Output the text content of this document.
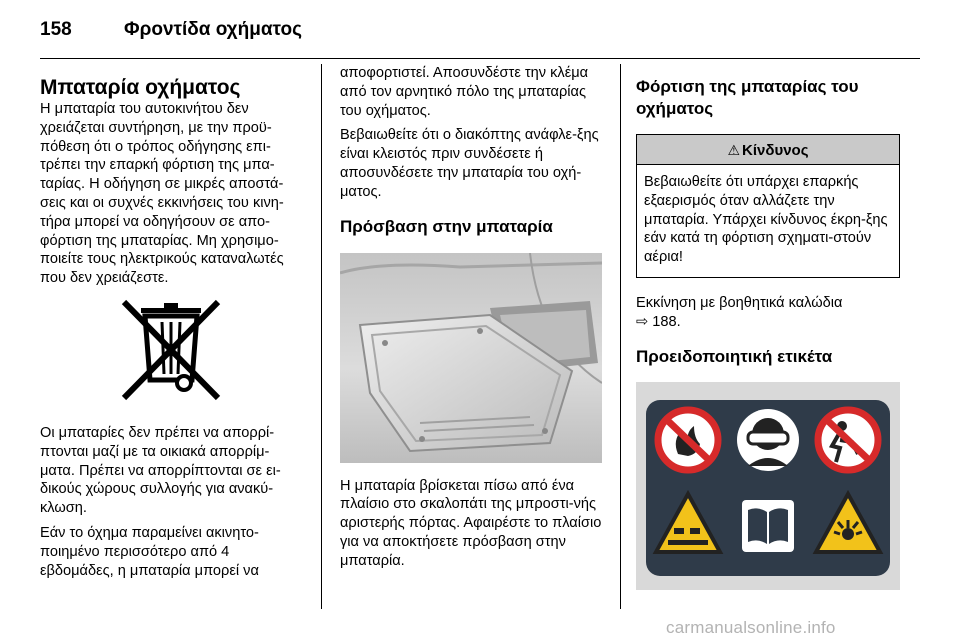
158	Φροντίδα οχήματος
Μπαταρία οχήματος

Η μπαταρία του αυτοκινήτου δεν χρειάζεται συντήρηση, με την προϋ-πόθεση ότι ο τρόπος οδήγησης επι-τρέπει την επαρκή φόρτιση της μπα-ταρίας. Η οδήγηση σε μικρές αποστά-σεις και οι συχνές εκκινήσεις του κινη-τήρα μπορεί να οδηγήσουν σε απο-φόρτιση της μπαταρίας. Μη χρησιμο-ποιείτε τους ηλεκτρικούς καταναλωτές που δεν χρειάζεστε.

Οι μπαταρίες δεν πρέπει να απορρί-πτονται μαζί με τα οικιακά απορρίμ-ματα. Πρέπει να απορρίπτονται σε ει-δικούς χώρους συλλογής για ανακύ-κλωση.

Εάν το όχημα παραμείνει ακινητο-ποιημένο περισσότερο από 4 εβδομάδες, η μπαταρία μπορεί να

αποφορτιστεί. Αποσυνδέστε την κλέμα από τον αρνητικό πόλο της μπαταρίας του οχήματος.

Βεβαιωθείτε ότι ο διακόπτης ανάφλε-ξης είναι κλειστός πριν συνδέσετε ή αποσυνδέσετε την μπαταρία του οχή-ματος.

Πρόσβαση στην μπαταρία

Η μπαταρία βρίσκεται πίσω από ένα πλαίσιο στο σκαλοπάτι της μπροστι-νής αριστερής πόρτας. Αφαιρέστε το πλαίσιο για να αποκτήσετε πρόσβαση στην μπαταρία.

Φόρτιση της μπαταρίας του οχήματος
⚠ Κίνδυνος

Βεβαιωθείτε ότι υπάρχει επαρκής εξαερισμός όταν αλλάζετε την μπαταρία. Υπάρχει κίνδυνος έκρη-ξης εάν κατά τη φόρτιση σχηματι-στούν αέρια!

Εκκίνηση με βοηθητικά καλώδια
⇨ 188.

Προειδοποιητική ετικέτα
carmanualsonline.info
